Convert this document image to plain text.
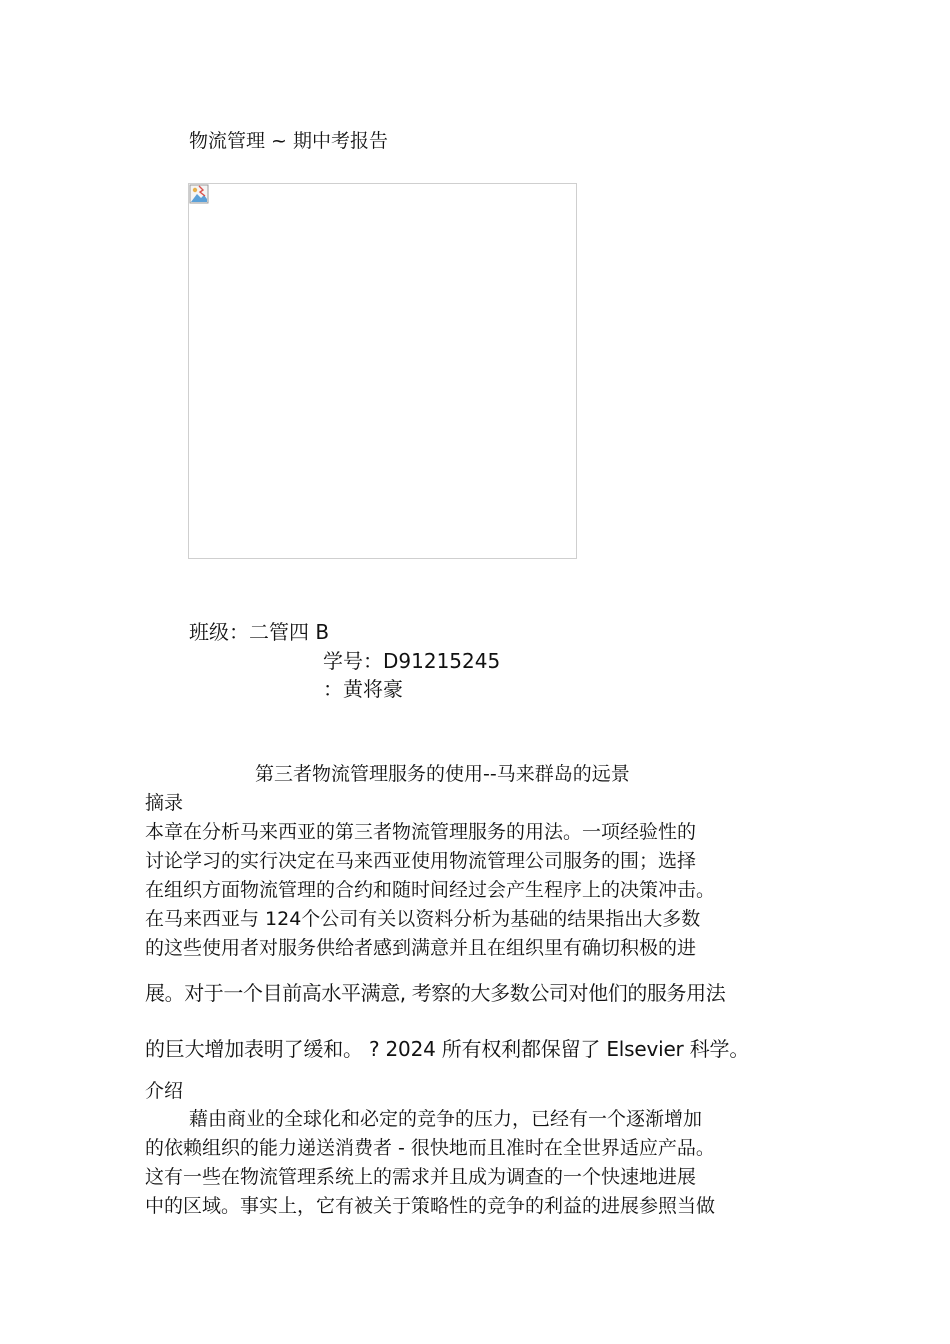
物流管理 ~ 期中考报告
班级：二管四 B
学号：D91215245
：黄将豪
第三者物流管理服务的使用--马来群岛的远景
摘录
本章在分析马来西亚的第三者物流管理服务的用法。一项经验性的
讨论学习的实行决定在马来西亚使用物流管理公司服务的围；选择
在组织方面物流管理的合约和随时间经过会产生程序上的决策冲击。
在马来西亚与 124个公司有关以资料分析为基础的结果指出大多数
的这些使用者对服务供给者感到满意并且在组织里有确切积极的进
展。对于一个目前高水平满意, 考察的大多数公司对他们的服务用法
的巨大增加表明了缓和。 ? 2024 所有权利都保留了 Elsevier 科学。
介绍
藉由商业的全球化和必定的竞争的压力，已经有一个逐渐增加
的依赖组织的能力递送消费者 - 很快地而且准时在全世界适应产品。
这有一些在物流管理系统上的需求并且成为调查的一个快速地进展
中的区域。事实上，它有被关于策略性的竞争的利益的进展参照当做
